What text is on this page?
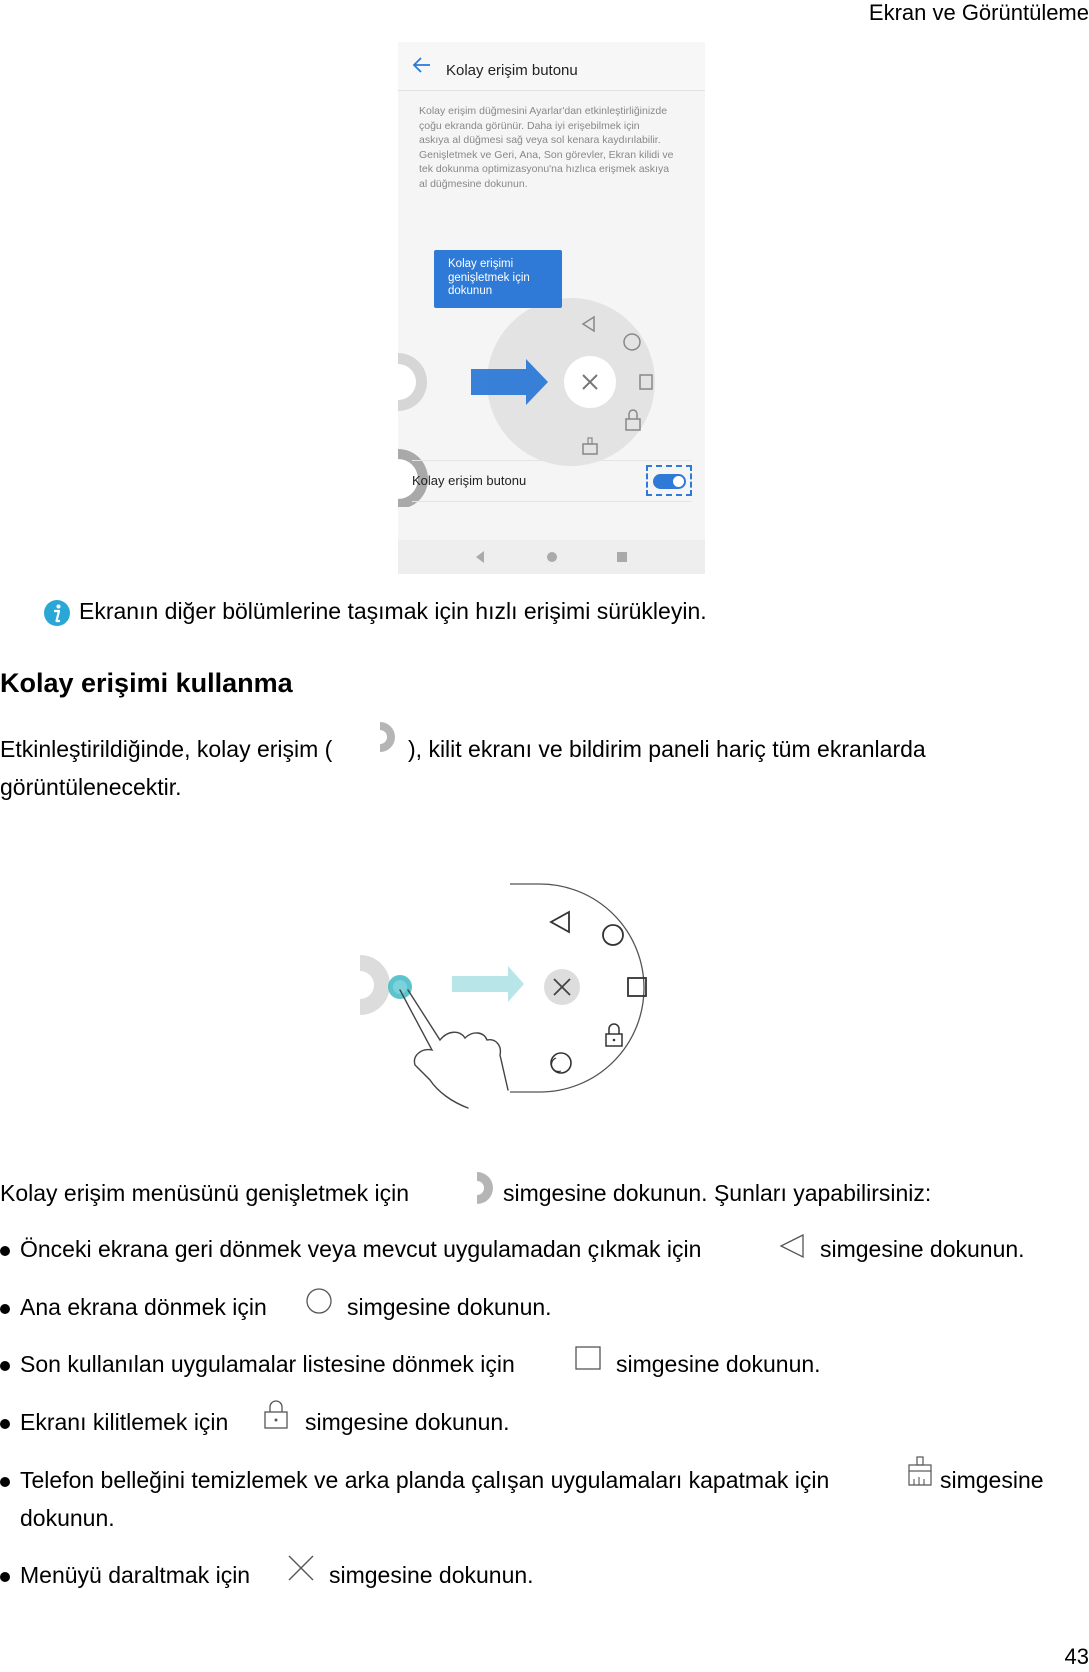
Ekran ve Görüntüleme
Kolay erişim butonu
Kolay erişim düğmesini Ayarlar'dan etkinleştirliğinizde
çoğu ekranda görünür. Daha iyi erişebilmek için
askıya al düğmesi sağ veya sol kenara kaydırılabilir.
Genişletmek ve Geri, Ana, Son görevler, Ekran kilidi ve
tek dokunma optimizasyonu'na hızlıca erişmek askıya
al düğmesine dokunun.
Kolay erişimi
genişletmek için
dokunun
Kolay erişim butonu
Ekranın diğer bölümlerine taşımak için hızlı erişimi sürükleyin.
Kolay erişimi kullanma
Etkinleştirildiğinde, kolay erişim (	), kilit ekranı ve bildirim paneli hariç tüm ekranlarda
görüntülenecektir.
Kolay erişim menüsünü genişletmek için	simgesine dokunun. Şunları yapabilirsiniz:
Önceki ekrana geri dönmek veya mevcut uygulamadan çıkmak için	simgesine dokunun.
Ana ekrana dönmek için	simgesine dokunun.
Son kullanılan uygulamalar listesine dönmek için	simgesine dokunun.
Ekranı kilitlemek için	simgesine dokunun.
Telefon belleğini temizlemek ve arka planda çalışan uygulamaları kapatmak için	simgesine
dokunun.
Menüyü daraltmak için	simgesine dokunun.
43
